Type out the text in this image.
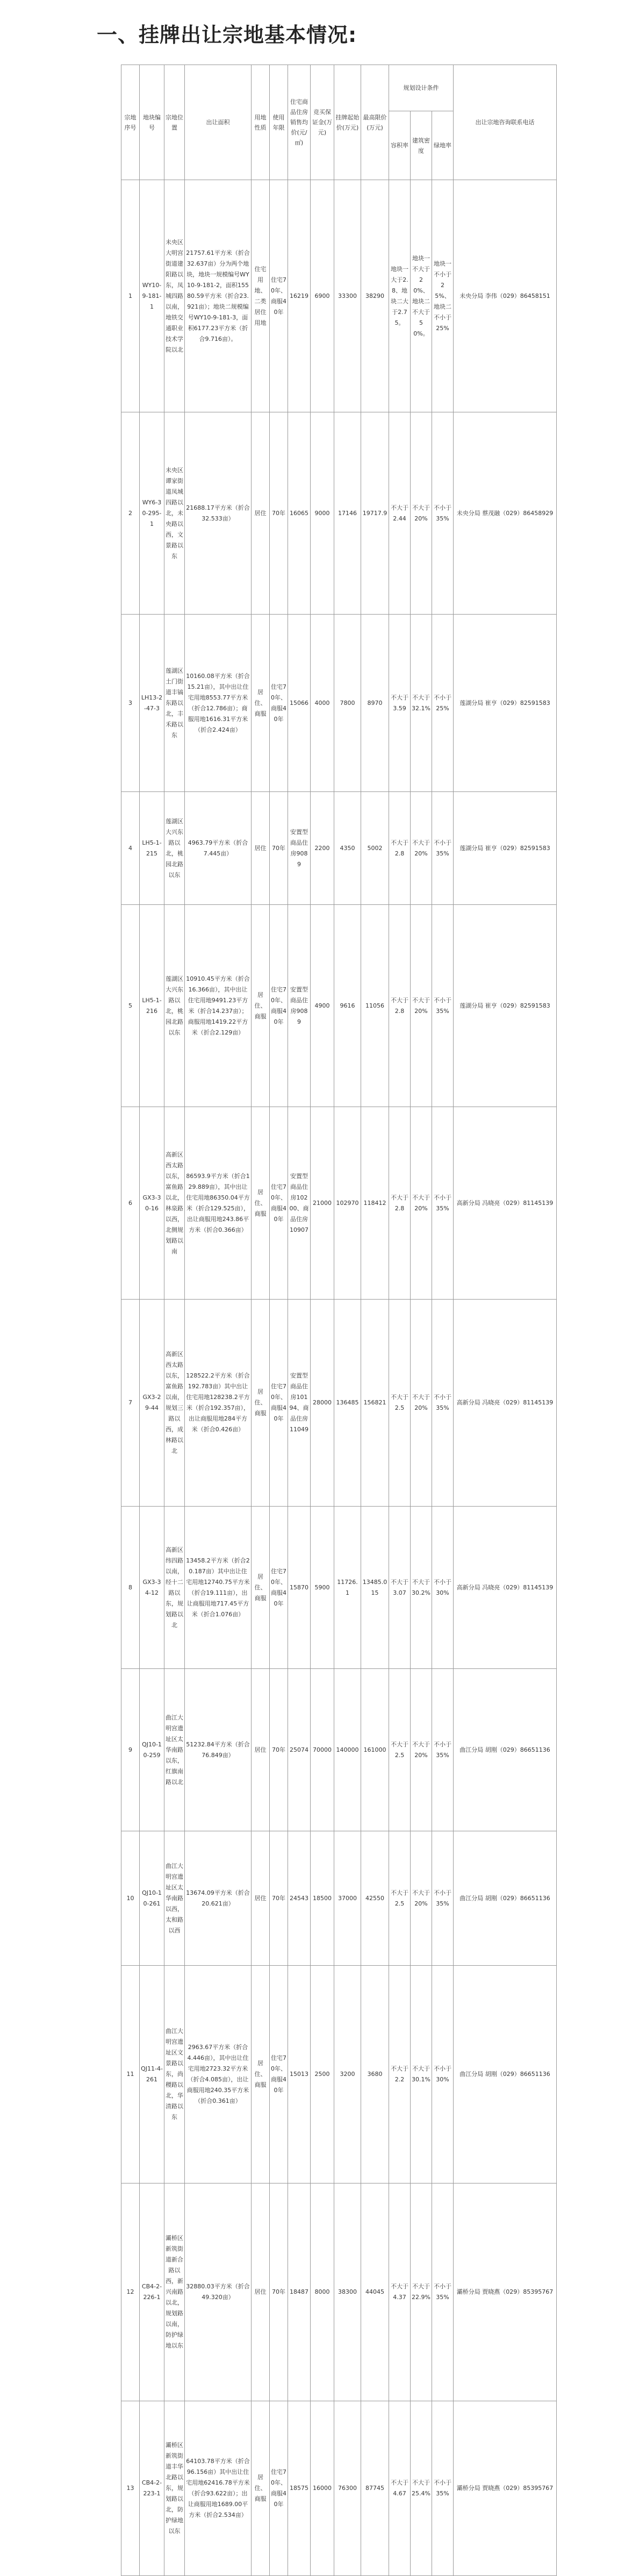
一、挂牌出让宗地基本情况:
宗地序号	地块编号	宗地位置	出让面积	用地性质	使用年限	住宅商品住房销售均价(元/㎡)	竞买保证金(万元)	挂牌起始价(万元)	最高限价(万元)	规划设计条件			出让宗地咨询联系电话
										容积率	建筑密度	绿地率	
1	WY10-9-181-1	未央区大明宫街道建阳路以东，凤城四路以南，地铁交通职业技术学院以北	21757.61平方米（折合32.637亩）分为两个地块，地块一规模编号WY10-9-181-2，面积15580.59平方米（折合23.921亩）；地块二规模编号WY10-9-181-3，面积6177.23平方米（折合9.716亩）。	住宅用地、二类居住用地	住宅70年、商服40年	16219	6900	33300	38290	地块一大于2.8、地块二大于2.75。	地块一不大于20%、地块二不大于50%。	地块一不小于25%、地块二不小于25%	未央分局 李伟（029）86458151
2	WY6-30-295-1	未央区谭家街道凤城四路以北，未央路以西，文景路以东	21688.17平方米（折合32.533亩）	居住	70年	16065	9000	17146	19717.9	不大于2.44	不大于20%	不小于35%	未央分局 蔡茂融（029）86458929
3	LH13-2-47-3	莲湖区土门街道丰镐东路以北，丰禾路以东	10160.08平方米（折合15.21亩），其中出让住宅用地8553.77平方米（折合12.786亩）；商服用地1616.31平方米（折合2.424亩）	居住、商服	住宅70年、商服40年	15066	4000	7800	8970	不大于3.59	不大于32.1%	不小于25%	莲湖分局 崔亨（029）82591583
4	LH5-1-215	莲湖区大兴东路以北，桃园北路以东	4963.79平方米（折合7.445亩）	居住	70年	安置型商品住房9089	2200	4350	5002	不大于2.8	不大于20%	不小于35%	莲湖分局 崔亨（029）82591583
5	LH5-1-216	莲湖区大兴东路以北，桃园北路以东	10910.45平方米（折合16.366亩），其中出让住宅用地9491.23平方米（折合14.237亩）；商服用地1419.22平方米（折合2.129亩）	居住、商服	住宅70年、商服40年	安置型商品住房9089	4900	9616	11056	不大于2.8	不大于20%	不小于35%	莲湖分局 崔亨（029）82591583
6	GX3-30-16	高新区西太路以东，富鱼路以北，林泉路以西，北侧规划路以南	86593.9平方米（折合129.889亩），其中出让住宅用地86350.04平方米（折合129.525亩），出让商服用地243.86平方米（折合0.366亩）	居住、商服	住宅70年、商服40年	安置型商品住房10200、商品住房10907	21000	102970	118412	不大于2.8	不大于20%	不小于35%	高新分局 冯晓亮（029）81145139
7	GX3-29-44	高新区西太路以东，富鱼路以南，规划三路以西，成林路以北	128522.2平方米（折合192.783亩）其中出让住宅用地128238.2平方米（折合192.357亩），出让商服用地284平方米（折合0.426亩）	居住、商服	住宅70年、商服40年	安置型商品住房10194、商品住房11049	28000	136485	156821	不大于2.5	不大于20%	不小于35%	高新分局 冯晓亮（029）81145139
8	GX3-34-12	高新区纬四路以南，经十二路以东，规划路以北	13458.2平方米（折合20.187亩）其中出让住宅用地12740.75平方米（折合19.111亩），出让商服用地717.45平方米（折合1.076亩）	居住、商服	住宅70年、商服40年	15870	5900	11726.1	13485.015	不大于3.07	不大于30.2%	不小于30%	高新分局 冯晓亮（029）81145139
9	QJ10-10-259	曲江大明宫遗址区太华南路以东，红旗南路以北	51232.84平方米（折合76.849亩）	居住	70年	25074	70000	140000	161000	不大于2.5	不大于20%	不小于35%	曲江分局 胡刚（029）86651136
10	QJ10-10-261	曲江大明宫遗址区太华南路以西，太和路以西	13674.09平方米（折合20.621亩）	居住	70年	24543	18500	37000	42550	不大于2.5	不大于20%	不小于35%	曲江分局 胡刚（029）86651136
11	QJ11-4-261	曲江大明宫遗址区文景路以东，尚稷路以北，华清路以东	2963.67平方米（折合4.446亩），其中出让住宅用地2723.32平方米（折合4.085亩），出让商服用地240.35平方米（折合0.361亩）	居住、商服	住宅70年、商服40年	15013	2500	3200	3680	不大于2.2	不大于30.1%	不小于30%	曲江分局 胡刚（029）86651136
12	CB4-2-226-1	灞桥区新筑街道新合路以西，新兴南路以北，规划路以南，防护绿地以东	32880.03平方米（折合49.320亩）	居住	70年	18487	8000	38300	44045	不大于4.37	不大于22.9%	不小于35%	灞桥分局 贾晓燕（029）85395767
13	CB4-2-223-1	灞桥区新筑街道丰华北路以东，规划路以北，防护绿地以东	64103.78平方米（折合96.156亩）其中出让住宅用地62416.78平方米（折合93.622亩）；出让商服用地1689.00平方米（折合2.534亩）	居住、商服	住宅70年、商服40年	18575	16000	76300	87745	不大于4.67	不大于25.4%	不小于35%	灞桥分局 贾晓燕（029）85395767
